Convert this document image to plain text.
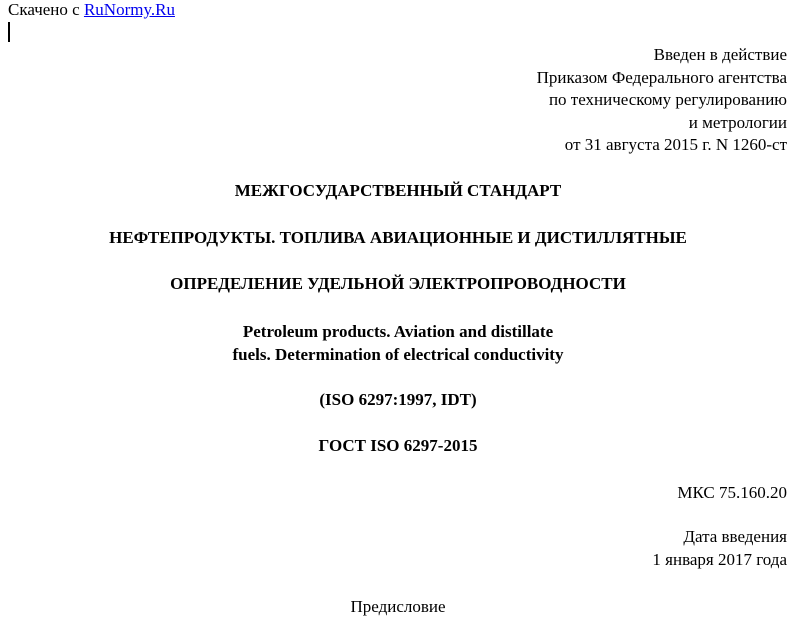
Скачено с RuNormy.Ru
Введен в действие
Приказом Федерального агентства
по техническому регулированию
и метрологии
от 31 августа 2015 г. N 1260-ст
МЕЖГОСУДАРСТВЕННЫЙ СТАНДАРТ
НЕФТЕПРОДУКТЫ. ТОПЛИВА АВИАЦИОННЫЕ И ДИСТИЛЛЯТНЫЕ
ОПРЕДЕЛЕНИЕ УДЕЛЬНОЙ ЭЛЕКТРОПРОВОДНОСТИ
Petroleum products. Aviation and distillate
fuels. Determination of electrical conductivity
(ISO 6297:1997, IDT)
ГОСТ ISO 6297-2015
МКС 75.160.20
Дата введения
1 января 2017 года
Предисловие
